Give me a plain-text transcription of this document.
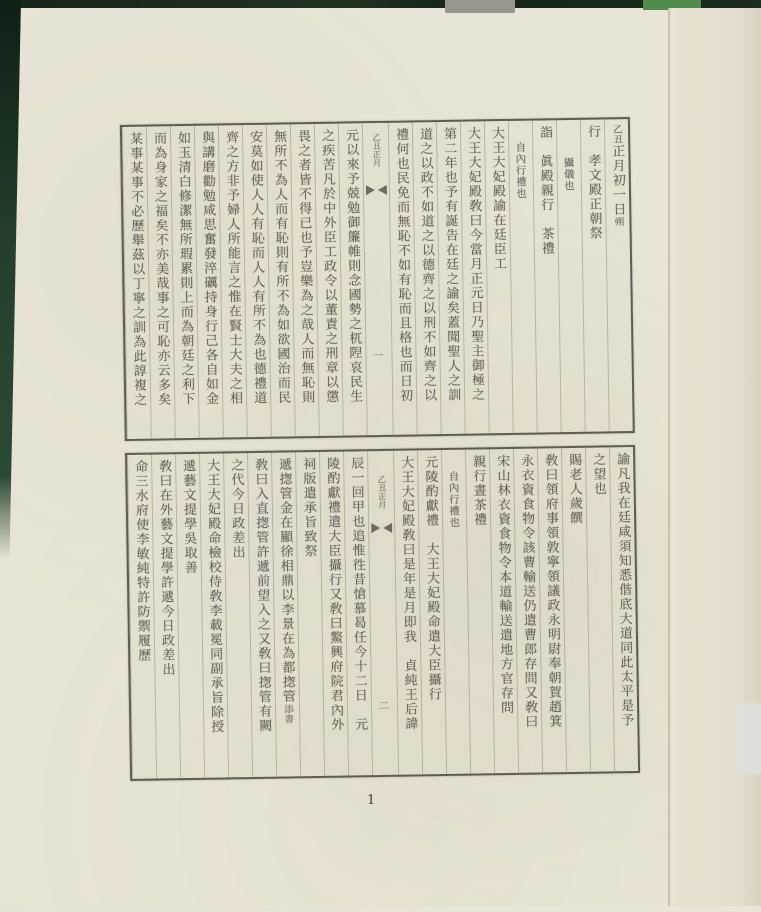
乙丑正月初一日朔
行　孝文殿正朝祭
攝儀也
詣　眞殿親行　茶禮
自內行禮也
大王大妃殿諭在廷臣工
大王大妃殿敎曰今當月正元日乃聖主御極之
第二年也予有誕告在廷之諭矣蓋聞聖人之訓
道之以政不如道之以德齊之以刑不如齊之以
禮何也民免而無恥不如有恥而且格也而日初
乙丑正月
一
元以來予兢勉御簾帷則念國勢之杌隉哀民生
之疾苦凡於中外臣工政令以董責之刑章以懲
畏之者皆不得已也予豈樂為之哉人而無恥則
無所不為人而有恥則有所不為如欲國治而民
安莫如使人人有恥而人人有所不為也德禮道
齊之方非予婦人所能言之惟在賢士大夫之相
與講磨勸勉咸思奮發淬礪持身行己各自如金
如玉清白修潔無所瑕累則上而為朝廷之利下
而為身家之福矣不亦美哉事之可恥亦云多矣
某事某事不必歷舉茲以丁寧之訓為此諄複之
諭凡我在廷咸須知悉偕底大道同此太平是予
之望也
賜老人歲饌
敎曰領府事領敦寧領議政永明尉奉朝賀趙箕
永衣資食物令該曹輸送仍遣曹郎存問又敎曰
宋山林衣資食物令本道輸送遣地方官存問
親行晝茶禮
自內行禮也
元陵酌獻禮　大王大妃殿命遣大臣攝行
大王大妃殿敎曰是年是月即我　貞純王后諱
乙丑正月
二
辰一回甲也追惟徃昔愴慕曷任今十二日　元
陵酌獻禮遣大臣攝行又敎曰鰲興府院君內外
祠版遣承旨致祭
遞揔管金在顯徐相鼎以李景在為都揔管添書
敎曰入直揔管許遞前望入之又敎曰揔管有闕
之代今日政差出
大王大妃殿命檢校侍敎李載冕同副承旨除授
遞藝文提學吳取善
敎曰在外藝文提學許遞今日政差出
命三水府使李敏純特許防禦履歷
1
